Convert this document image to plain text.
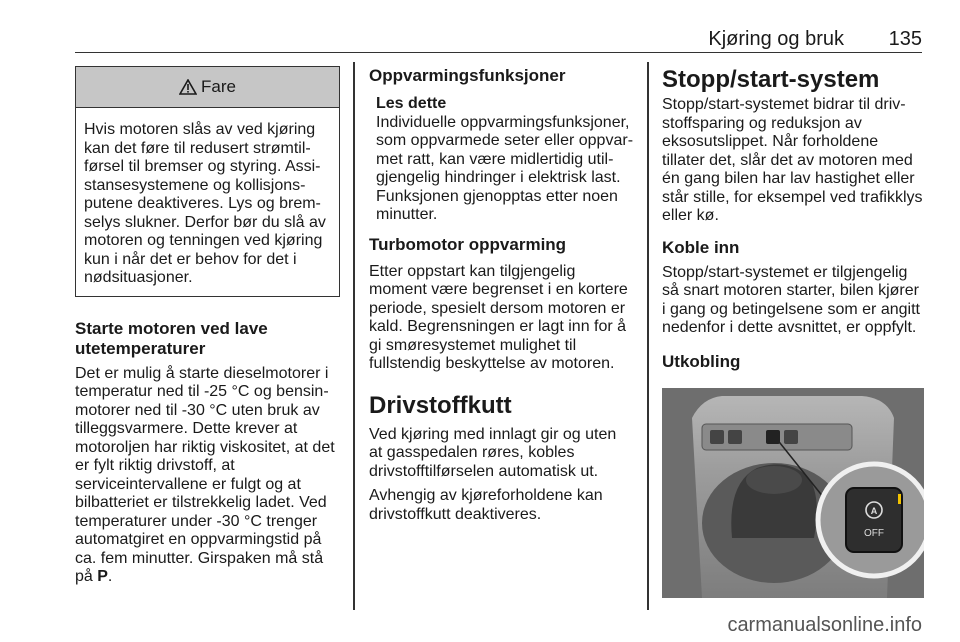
Kjøring og bruk 135
Fare

Hvis motoren slås av ved kjøring kan det føre til redusert strømtilførsel til bremser og styring. Assistansesystemene og kollisjonsputene deaktiveres. Lys og bremselys slukner. Derfor bør du slå av motoren og tenningen ved kjøring kun i når det er behov for det i nødsituasjoner.

Starte motoren ved lave utetemperaturer

Det er mulig å starte dieselmotorer i temperatur ned til -25 °C og bensinmotorer ned til -30 °C uten bruk av tilleggsvarmere. Dette krever at motoroljen har riktig viskositet, at det er fylt riktig drivstoff, at serviceintervallene er fulgt og at bilbatteriet er tilstrekkelig ladet. Ved temperaturer under -30 °C trenger automatgiret en oppvarmingstid på ca. fem minutter. Girspaken må stå på P.

Oppvarmingsfunksjoner

Les dette

Individuelle oppvarmingsfunksjoner, som oppvarmede seter eller oppvarmet ratt, kan være midlertidig utilgjengelig hindringer i elektrisk last. Funksjonen gjenopptas etter noen minutter.

Turbomotor oppvarming

Etter oppstart kan tilgjengelig moment være begrenset i en kortere periode, spesielt dersom motoren er kald. Begrensningen er lagt inn for å gi smøresystemet mulighet til fullstendig beskyttelse av motoren.

Drivstoffkutt

Ved kjøring med innlagt gir og uten at gasspedalen røres, kobles drivstofftilførselen automatisk ut.

Avhengig av kjøreforholdene kan drivstoffkutt deaktiveres.

Stopp/start-system

Stopp/start-systemet bidrar til drivstoffsparing og reduksjon av eksosutslippet. Når forholdene tillater det, slår det av motoren med én gang bilen har lav hastighet eller står stille, for eksempel ved trafikklys eller kø.

Koble inn

Stopp/start-systemet er tilgjengelig så snart motoren starter, bilen kjører i gang og betingelsene som er angitt nedenfor i dette avsnittet, er oppfylt.

Utkobling
A
OFF
carmanualsonline.info
